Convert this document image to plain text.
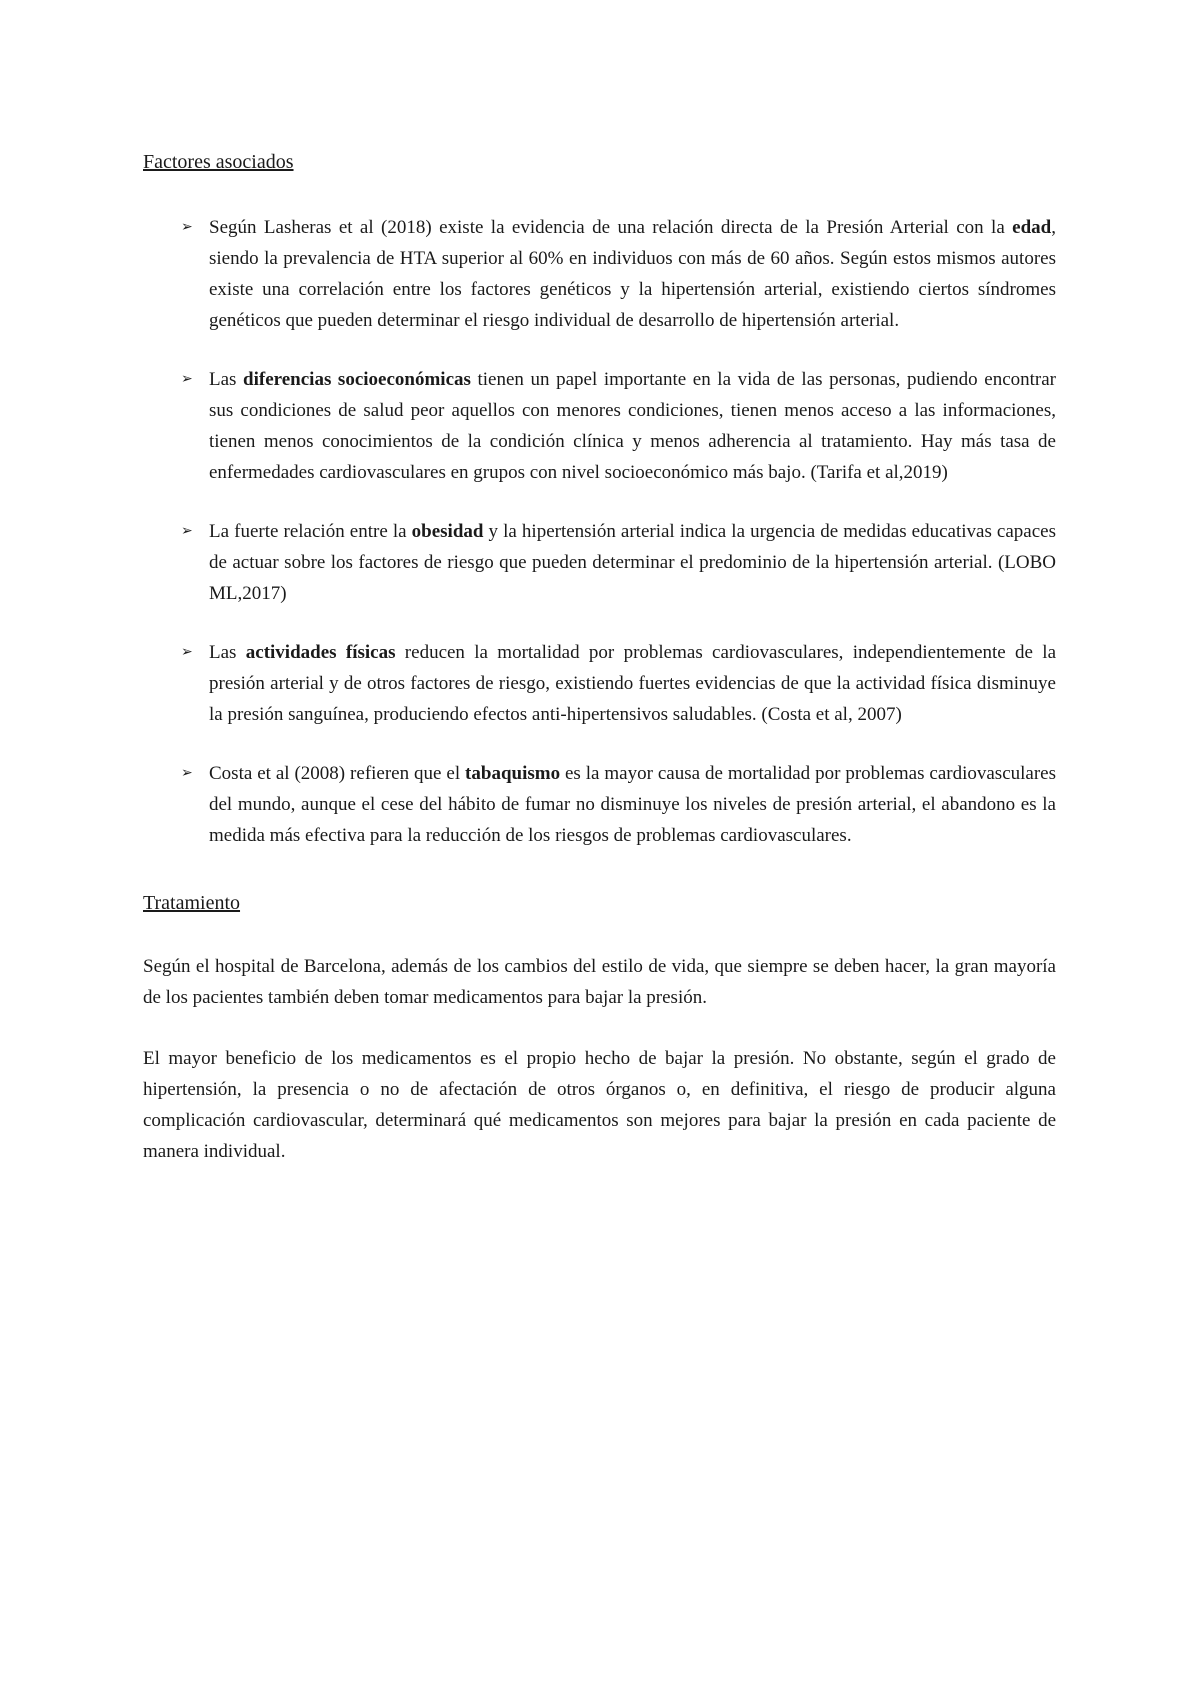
Factores asociados
➢ Según Lasheras et al (2018) existe la evidencia de una relación directa de la Presión Arterial con la edad, siendo la prevalencia de HTA superior al 60% en individuos con más de 60 años. Según estos mismos autores existe una correlación entre los factores genéticos y la hipertensión arterial, existiendo ciertos síndromes genéticos que pueden determinar el riesgo individual de desarrollo de hipertensión arterial.
➢ Las diferencias socioeconómicas tienen un papel importante en la vida de las personas, pudiendo encontrar sus condiciones de salud peor aquellos con menores condiciones, tienen menos acceso a las informaciones, tienen menos conocimientos de la condición clínica y menos adherencia al tratamiento. Hay más tasa de enfermedades cardiovasculares en grupos con nivel socioeconómico más bajo. (Tarifa et al,2019)
➢ La fuerte relación entre la obesidad y la hipertensión arterial indica la urgencia de medidas educativas capaces de actuar sobre los factores de riesgo que pueden determinar el predominio de la hipertensión arterial. (LOBO ML,2017)
➢ Las actividades físicas reducen la mortalidad por problemas cardiovasculares, independientemente de la presión arterial y de otros factores de riesgo, existiendo fuertes evidencias de que la actividad física disminuye la presión sanguínea, produciendo efectos anti-hipertensivos saludables. (Costa et al, 2007)
➢ Costa et al (2008) refieren que el tabaquismo es la mayor causa de mortalidad por problemas cardiovasculares del mundo, aunque el cese del hábito de fumar no disminuye los niveles de presión arterial, el abandono es la medida más efectiva para la reducción de los riesgos de problemas cardiovasculares.
Tratamiento

Según el hospital de Barcelona, además de los cambios del estilo de vida, que siempre se deben hacer, la gran mayoría de los pacientes también deben tomar medicamentos para bajar la presión.

El mayor beneficio de los medicamentos es el propio hecho de bajar la presión. No obstante, según el grado de hipertensión, la presencia o no de afectación de otros órganos o, en definitiva, el riesgo de producir alguna complicación cardiovascular, determinará qué medicamentos son mejores para bajar la presión en cada paciente de manera individual.
